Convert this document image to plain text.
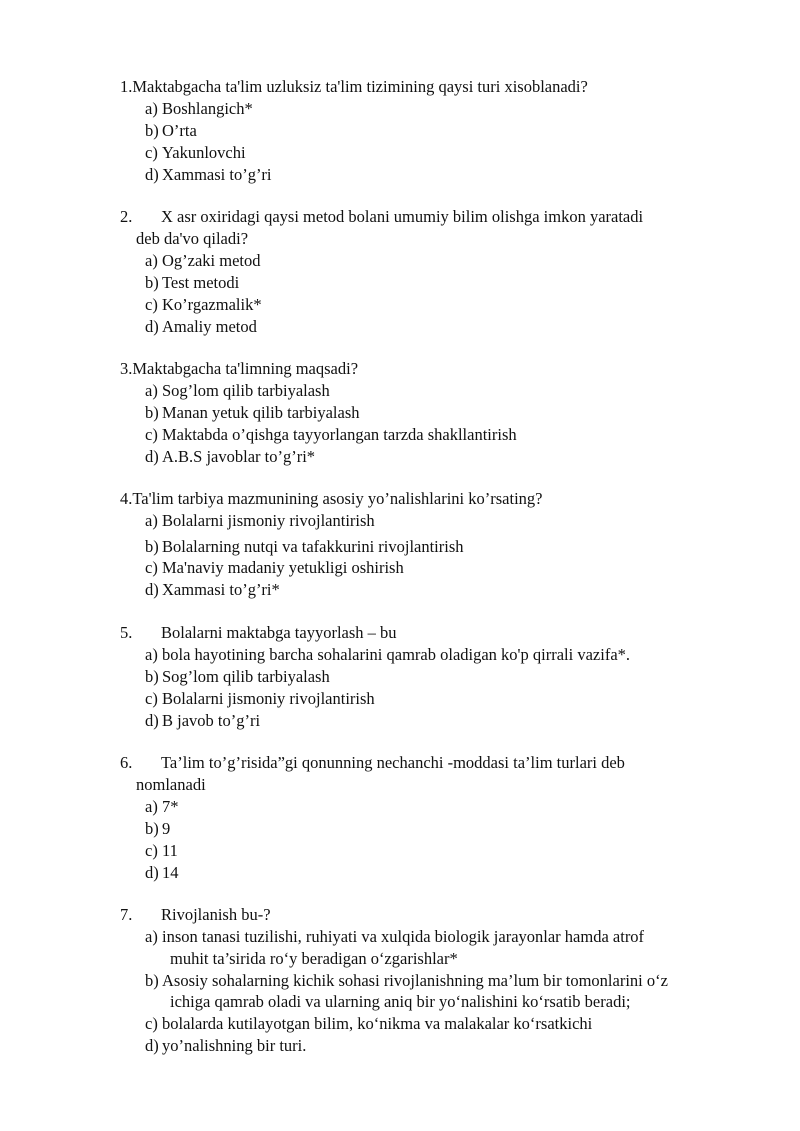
1.Maktabgacha ta'lim uzluksiz ta'lim tizimining qaysi turi xisoblanadi?
a) Boshlangich*
b) O’rta
c) Yakunlovchi
d) Xammasi to’g’ri
2. X asr oxiridagi qaysi metod bolani umumiy bilim olishga imkon yaratadi
deb da'vo qiladi?
a) Og’zaki metod
b) Test metodi
c) Ko’rgazmalik*
d) Amaliy metod
3.Maktabgacha ta'limning maqsadi?
a) Sog’lom qilib tarbiyalash
b) Manan yetuk qilib tarbiyalash
c) Maktabda o’qishga tayyorlangan tarzda shakllantirish
d) A.B.S javoblar to’g’ri*
4.Ta'lim tarbiya mazmunining asosiy yo’nalishlarini ko’rsating?
a) Bolalarni jismoniy rivojlantirish
b) Bolalarning nutqi va tafakkurini rivojlantirish
c) Ma'naviy madaniy yetukligi oshirish
d) Xammasi to’g’ri*
5. Bolalarni maktabga tayyorlash – bu
a) bola hayotining barcha sohalarini qamrab oladigan ko'p qirrali vazifa*.
b) Sog’lom qilib tarbiyalash
c) Bolalarni jismoniy rivojlantirish
d) B javob to’g’ri
6. Ta’lim to’g’risida”gi qonunning nechanchi -moddasi ta’lim turlari deb
nomlanadi
a) 7*
b) 9
c) 11
d) 14
7. Rivojlanish bu-?
a) inson tanasi tuzilishi, ruhiyati va xulqida biologik jarayonlar hamda atrof
muhit ta’sirida ro‘y beradigan o‘zgarishlar*
b) Asosiy sohalarning kichik sohasi rivojlanishning ma’lum bir tomonlarini o‘z
ichiga qamrab oladi va ularning aniq bir yo‘nalishini ko‘rsatib beradi;
c) bolalarda kutilayotgan bilim, ko‘nikma va malakalar ko‘rsatkichi
d) yo’nalishning bir turi.
